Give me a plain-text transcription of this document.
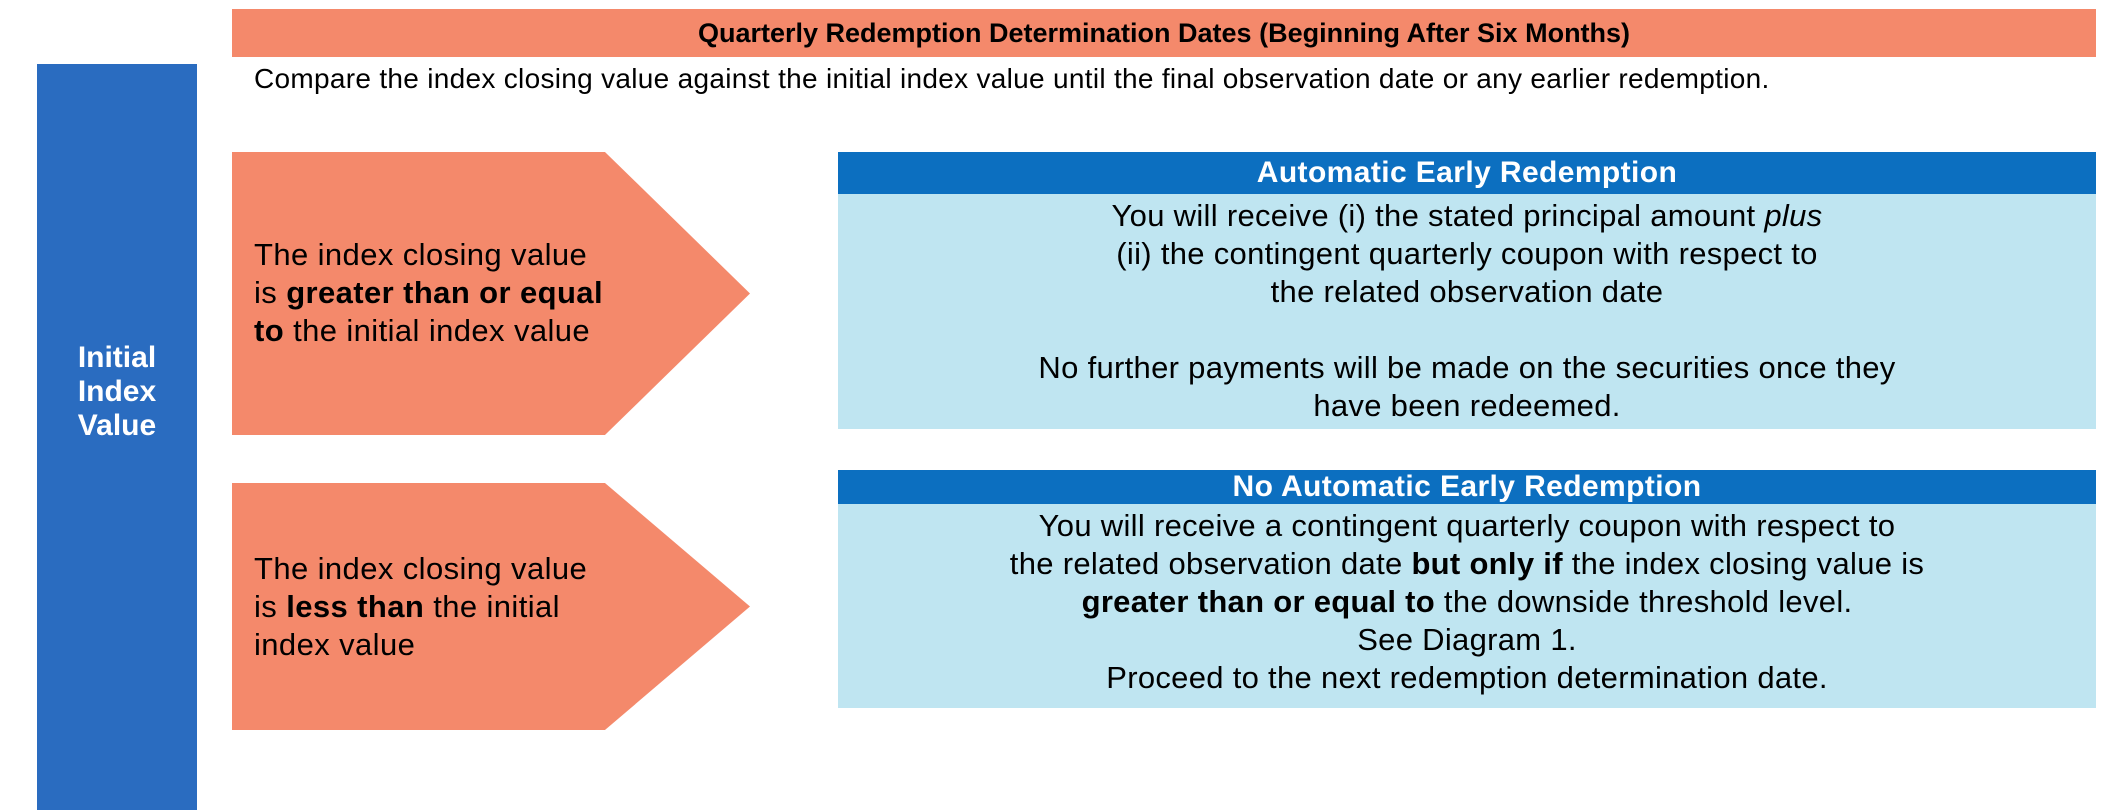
Initial
Index
Value
Quarterly Redemption Determination Dates (Beginning After Six Months)
Compare the index closing value against the initial index value until the final observation date or any earlier redemption.
The index closing value
is greater than or equal
to the initial index value
The index closing value
is less than the initial
index value
Automatic Early Redemption
You will receive (i) the stated principal amount plus
(ii) the contingent quarterly coupon with respect to
the related observation date
No further payments will be made on the securities once they
have been redeemed.
No Automatic Early Redemption
You will receive a contingent quarterly coupon with respect to
the related observation date but only if the index closing value is
greater than or equal to the downside threshold level.
See Diagram 1.
Proceed to the next redemption determination date.
